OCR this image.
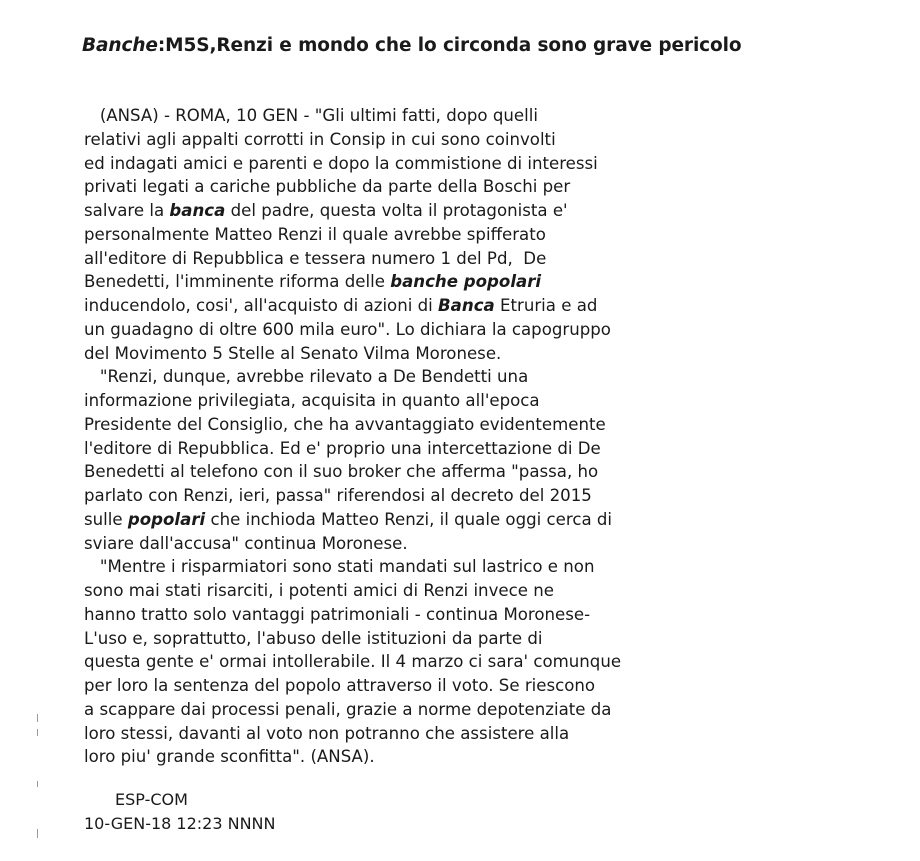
Banche:M5S,Renzi e mondo che lo circonda sono grave pericolo
(ANSA) - ROMA, 10 GEN - "Gli ultimi fatti, dopo quelli
relativi agli appalti corrotti in Consip in cui sono coinvolti
ed indagati amici e parenti e dopo la commistione di interessi
privati legati a cariche pubbliche da parte della Boschi per
salvare la banca del padre, questa volta il protagonista e'
personalmente Matteo Renzi il quale avrebbe spifferato
all'editore di Repubblica e tessera numero 1 del Pd,  De
Benedetti, l'imminente riforma delle banche popolari
inducendolo, cosi', all'acquisto di azioni di Banca Etruria e ad
un guadagno di oltre 600 mila euro". Lo dichiara la capogruppo
del Movimento 5 Stelle al Senato Vilma Moronese.
"Renzi, dunque, avrebbe rilevato a De Bendetti una
informazione privilegiata, acquisita in quanto all'epoca
Presidente del Consiglio, che ha avvantaggiato evidentemente
l'editore di Repubblica. Ed e' proprio una intercettazione di De
Benedetti al telefono con il suo broker che afferma "passa, ho
parlato con Renzi, ieri, passa" riferendosi al decreto del 2015
sulle popolari che inchioda Matteo Renzi, il quale oggi cerca di
sviare dall'accusa" continua Moronese.
"Mentre i risparmiatori sono stati mandati sul lastrico e non
sono mai stati risarciti, i potenti amici di Renzi invece ne
hanno tratto solo vantaggi patrimoniali - continua Moronese-
L'uso e, soprattutto, l'abuso delle istituzioni da parte di
questa gente e' ormai intollerabile. Il 4 marzo ci sara' comunque
per loro la sentenza del popolo attraverso il voto. Se riescono
a scappare dai processi penali, grazie a norme depotenziate da
loro stessi, davanti al voto non potranno che assistere alla
loro piu' grande sconfitta". (ANSA).
ESP-COM
10-GEN-18 12:23 NNNN
